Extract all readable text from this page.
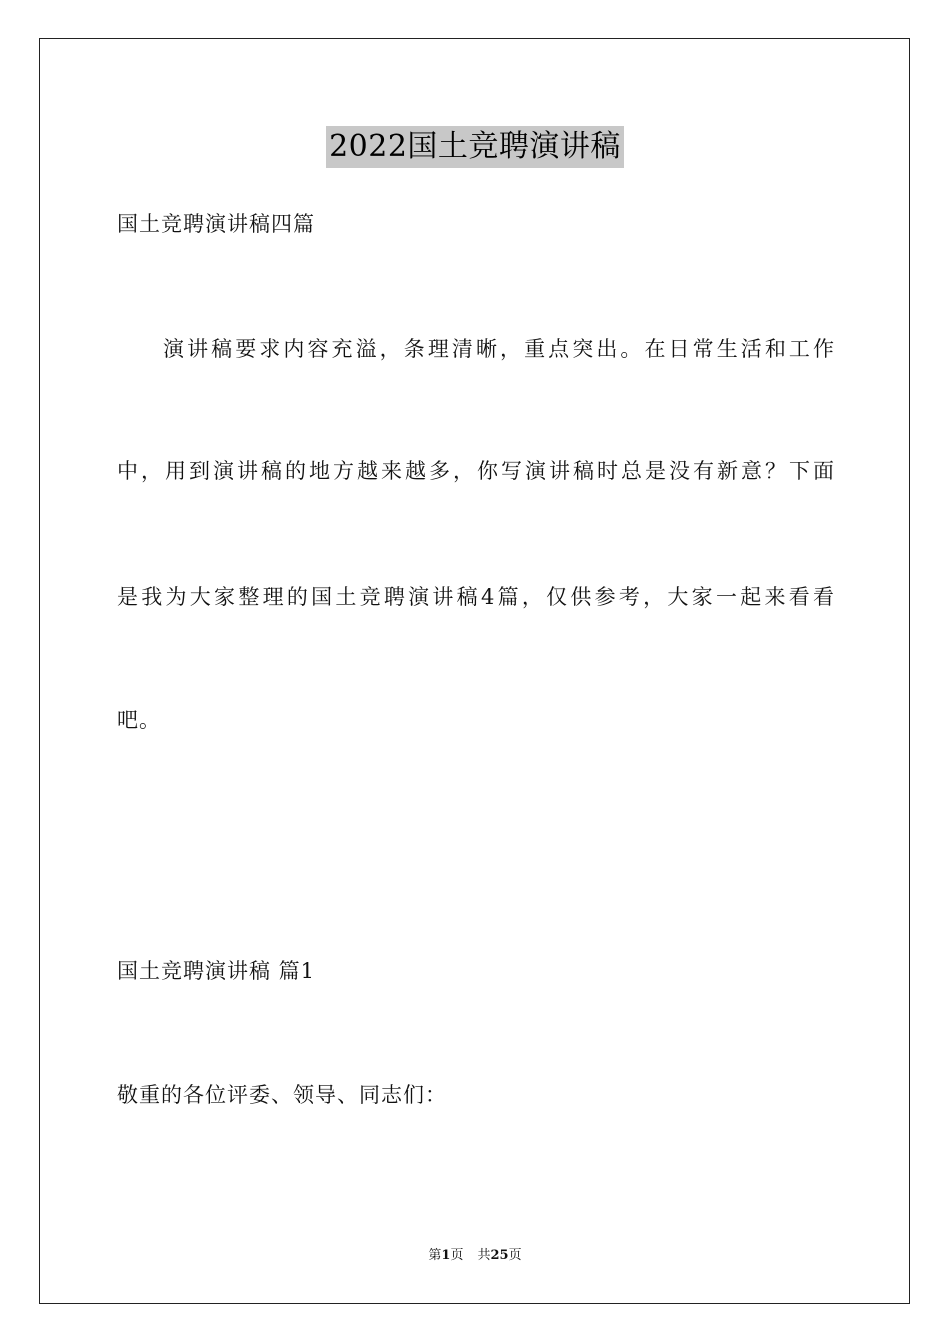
2022国土竞聘演讲稿
国土竞聘演讲稿四篇
演讲稿要求内容充溢，条理清晰，重点突出。在日常生活和工作
中，用到演讲稿的地方越来越多，你写演讲稿时总是没有新意？下面
是我为大家整理的国土竞聘演讲稿4篇，仅供参考，大家一起来看看
吧。
国土竞聘演讲稿 篇1
敬重的各位评委、领导、同志们：
第1页 共25页
